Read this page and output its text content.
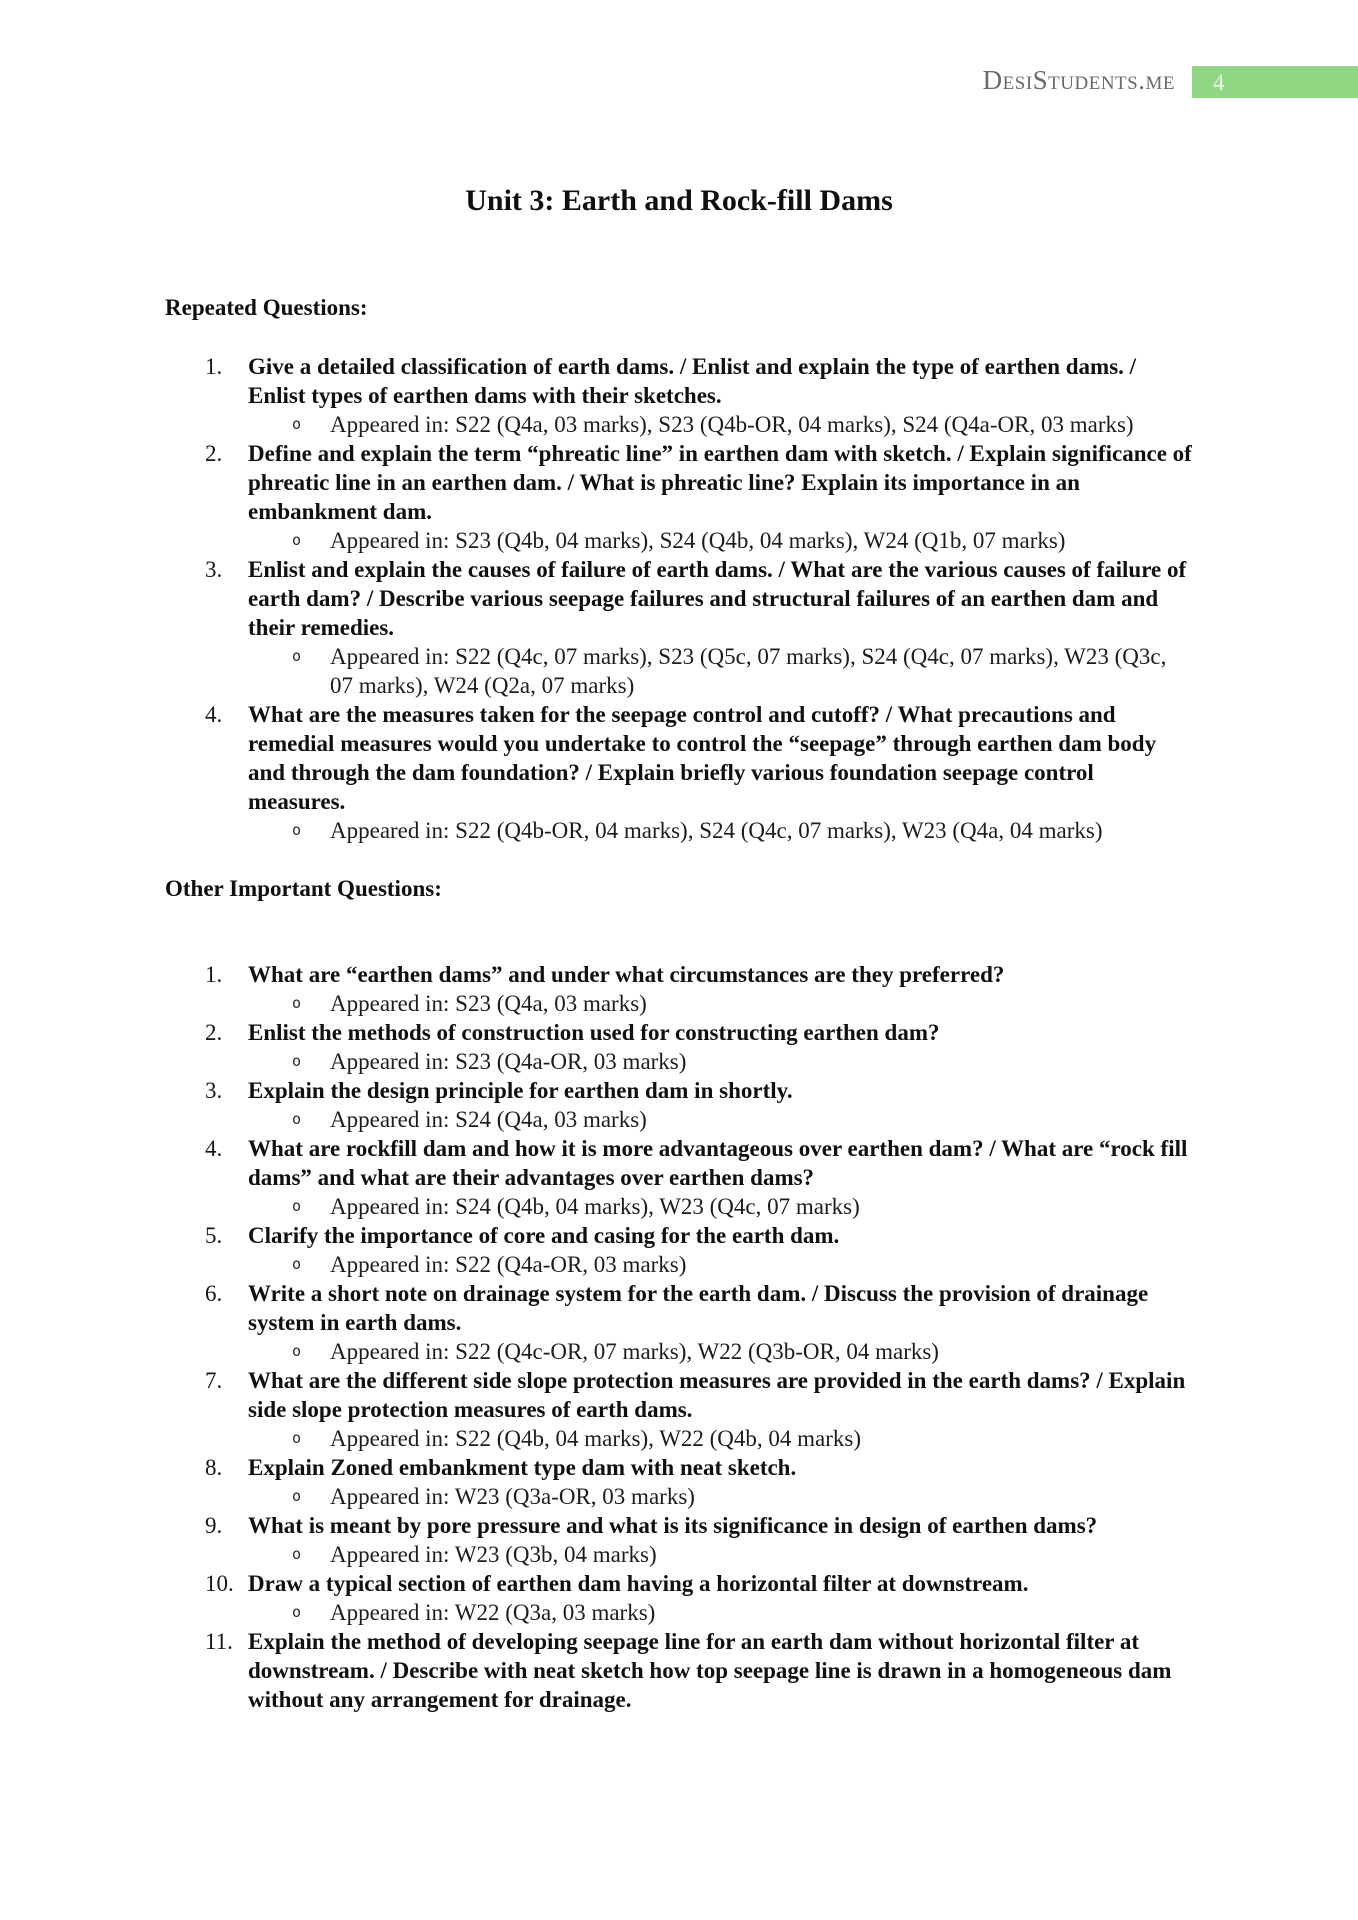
DesiStudents.me	4
Unit 3: Earth and Rock-fill Dams
Repeated Questions:
1.	Give a detailed classification of earth dams. / Enlist and explain the type of earthen dams. / Enlist types of earthen dams with their sketches.
o Appeared in: S22 (Q4a, 03 marks), S23 (Q4b-OR, 04 marks), S24 (Q4a-OR, 03 marks)
2.	Define and explain the term “phreatic line” in earthen dam with sketch. / Explain significance of phreatic line in an earthen dam. / What is phreatic line? Explain its importance in an embankment dam.
o Appeared in: S23 (Q4b, 04 marks), S24 (Q4b, 04 marks), W24 (Q1b, 07 marks)
3.	Enlist and explain the causes of failure of earth dams. / What are the various causes of failure of earth dam? / Describe various seepage failures and structural failures of an earthen dam and their remedies.
o Appeared in: S22 (Q4c, 07 marks), S23 (Q5c, 07 marks), S24 (Q4c, 07 marks), W23 (Q3c, 07 marks), W24 (Q2a, 07 marks)
4.	What are the measures taken for the seepage control and cutoff? / What precautions and remedial measures would you undertake to control the “seepage” through earthen dam body and through the dam foundation? / Explain briefly various foundation seepage control measures.
o Appeared in: S22 (Q4b-OR, 04 marks), S24 (Q4c, 07 marks), W23 (Q4a, 04 marks)
Other Important Questions:
1.	What are “earthen dams” and under what circumstances are they preferred?
o Appeared in: S23 (Q4a, 03 marks)
2.	Enlist the methods of construction used for constructing earthen dam?
o Appeared in: S23 (Q4a-OR, 03 marks)
3.	Explain the design principle for earthen dam in shortly.
o Appeared in: S24 (Q4a, 03 marks)
4.	What are rockfill dam and how it is more advantageous over earthen dam? / What are “rock fill dams” and what are their advantages over earthen dams?
o Appeared in: S24 (Q4b, 04 marks), W23 (Q4c, 07 marks)
5.	Clarify the importance of core and casing for the earth dam.
o Appeared in: S22 (Q4a-OR, 03 marks)
6.	Write a short note on drainage system for the earth dam. / Discuss the provision of drainage system in earth dams.
o Appeared in: S22 (Q4c-OR, 07 marks), W22 (Q3b-OR, 04 marks)
7.	What are the different side slope protection measures are provided in the earth dams? / Explain side slope protection measures of earth dams.
o Appeared in: S22 (Q4b, 04 marks), W22 (Q4b, 04 marks)
8.	Explain Zoned embankment type dam with neat sketch.
o Appeared in: W23 (Q3a-OR, 03 marks)
9.	What is meant by pore pressure and what is its significance in design of earthen dams?
o Appeared in: W23 (Q3b, 04 marks)
10. Draw a typical section of earthen dam having a horizontal filter at downstream.
o Appeared in: W22 (Q3a, 03 marks)
11. Explain the method of developing seepage line for an earth dam without horizontal filter at downstream. / Describe with neat sketch how top seepage line is drawn in a homogeneous dam without any arrangement for drainage.
